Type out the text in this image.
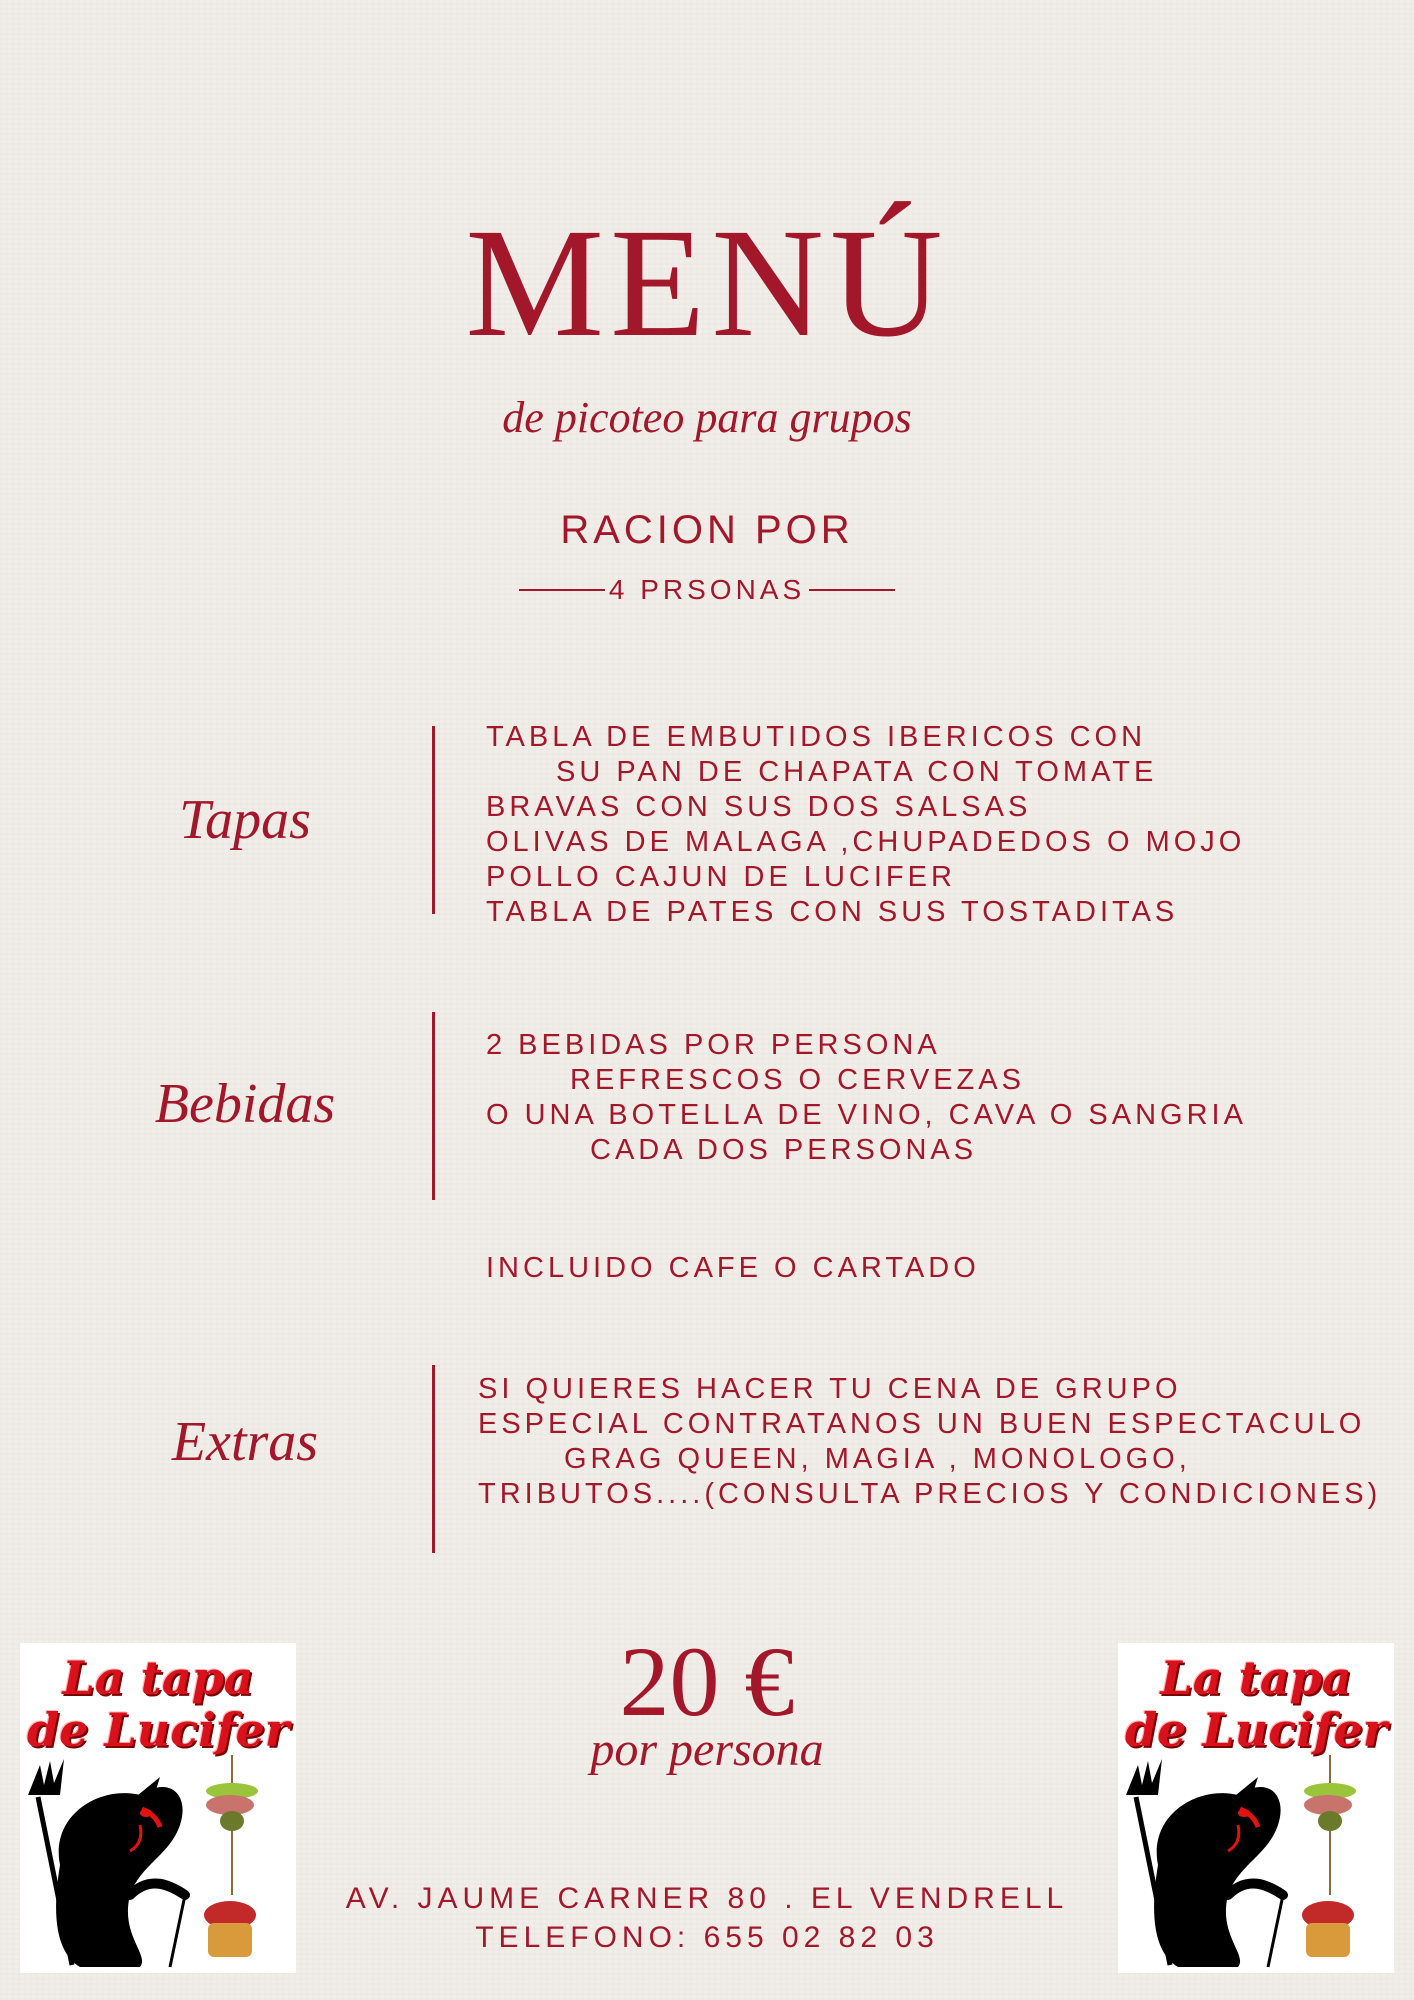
MENÚ
de picoteo para grupos
RACION POR
4 PRSONAS
Tapas
TABLA DE EMBUTIDOS IBERICOS CON
SU PAN DE CHAPATA CON TOMATE
BRAVAS CON SUS DOS SALSAS
OLIVAS DE MALAGA ,CHUPADEDOS O MOJO
POLLO CAJUN DE LUCIFER
TABLA DE PATES CON SUS TOSTADITAS
Bebidas
2 BEBIDAS POR PERSONA
REFRESCOS O CERVEZAS
O UNA BOTELLA DE VINO, CAVA O SANGRIA
CADA DOS PERSONAS
INCLUIDO CAFE O CARTADO
Extras
SI QUIERES HACER TU CENA DE GRUPO
ESPECIAL CONTRATANOS UN BUEN ESPECTACULO
GRAG QUEEN, MAGIA , MONOLOGO,
TRIBUTOS....(CONSULTA PRECIOS Y CONDICIONES)
20 €
por persona
AV. JAUME CARNER 80 . EL VENDRELL
TELEFONO: 655 02 82 03
La tapa
de Lucifer
La tapa
de Lucifer
